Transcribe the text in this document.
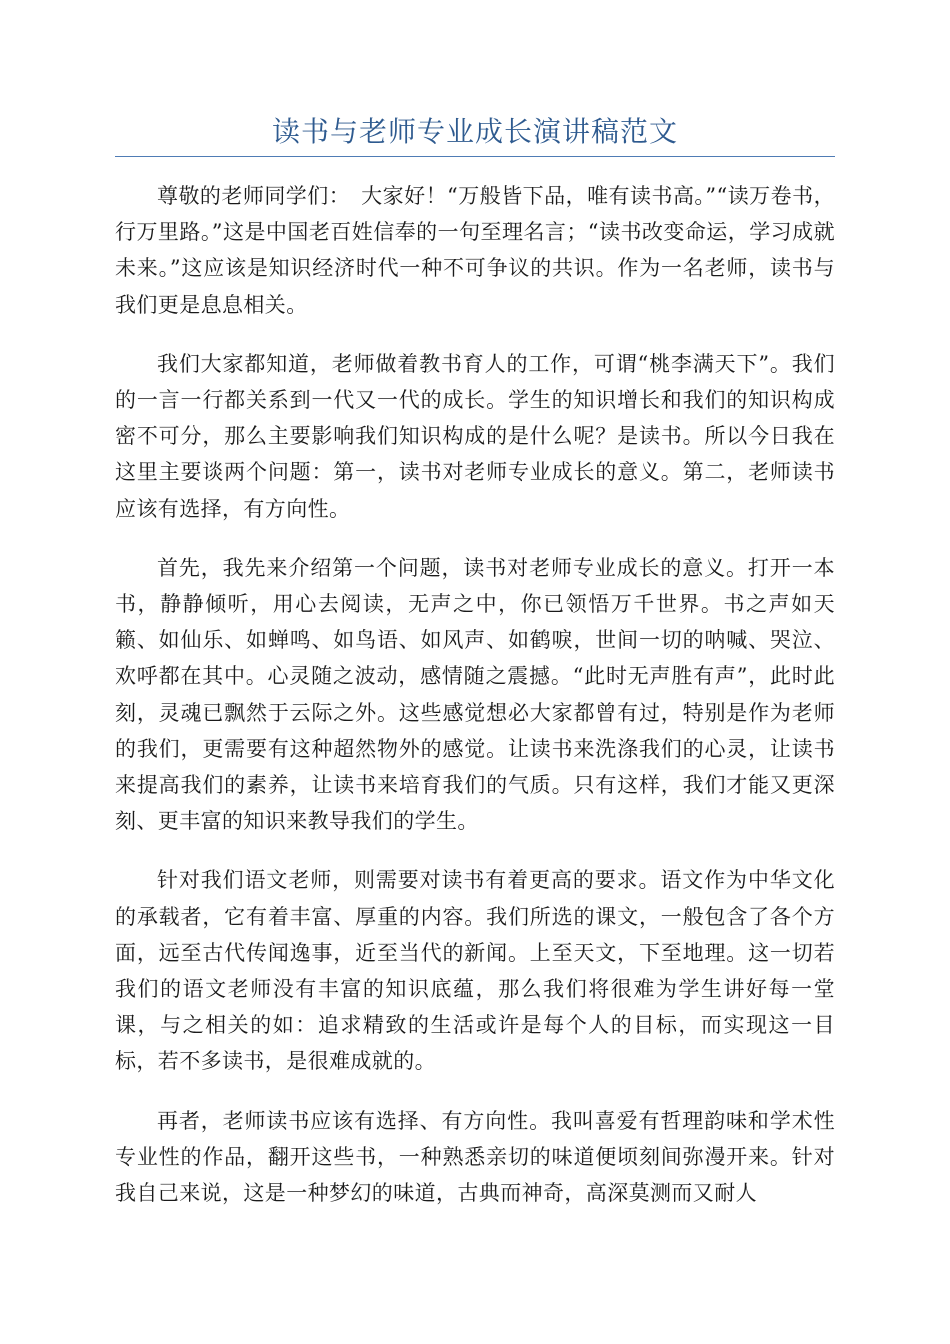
读书与老师专业成长演讲稿范文

尊敬的老师同学们：　大家好！“万般皆下品，唯有读书高。”“读万卷书，行万里路。”这是中国老百姓信奉的一句至理名言；“读书改变命运，学习成就未来。”这应该是知识经济时代一种不可争议的共识。作为一名老师，读书与我们更是息息相关。

我们大家都知道，老师做着教书育人的工作，可谓“桃李满天下”。我们的一言一行都关系到一代又一代的成长。学生的知识增长和我们的知识构成密不可分，那么主要影响我们知识构成的是什么呢？是读书。所以今日我在这里主要谈两个问题：第一，读书对老师专业成长的意义。第二，老师读书应该有选择，有方向性。

首先，我先来介绍第一个问题，读书对老师专业成长的意义。打开一本书，静静倾听，用心去阅读，无声之中，你已领悟万千世界。书之声如天籁、如仙乐、如蝉鸣、如鸟语、如风声、如鹤唳，世间一切的呐喊、哭泣、欢呼都在其中。心灵随之波动，感情随之震撼。“此时无声胜有声”，此时此刻，灵魂已飘然于云际之外。这些感觉想必大家都曾有过，特别是作为老师的我们，更需要有这种超然物外的感觉。让读书来洗涤我们的心灵，让读书来提高我们的素养，让读书来培育我们的气质。只有这样，我们才能又更深刻、更丰富的知识来教导我们的学生。

针对我们语文老师，则需要对读书有着更高的要求。语文作为中华文化的承载者，它有着丰富、厚重的内容。我们所选的课文，一般包含了各个方面，远至古代传闻逸事，近至当代的新闻。上至天文，下至地理。这一切若我们的语文老师没有丰富的知识底蕴，那么我们将很难为学生讲好每一堂课，与之相关的如：追求精致的生活或许是每个人的目标，而实现这一目标，若不多读书，是很难成就的。

再者，老师读书应该有选择、有方向性。我叫喜爱有哲理韵味和学术性专业性的作品，翻开这些书，一种熟悉亲切的味道便顷刻间弥漫开来。针对我自己来说，这是一种梦幻的味道，古典而神奇，高深莫测而又耐人
